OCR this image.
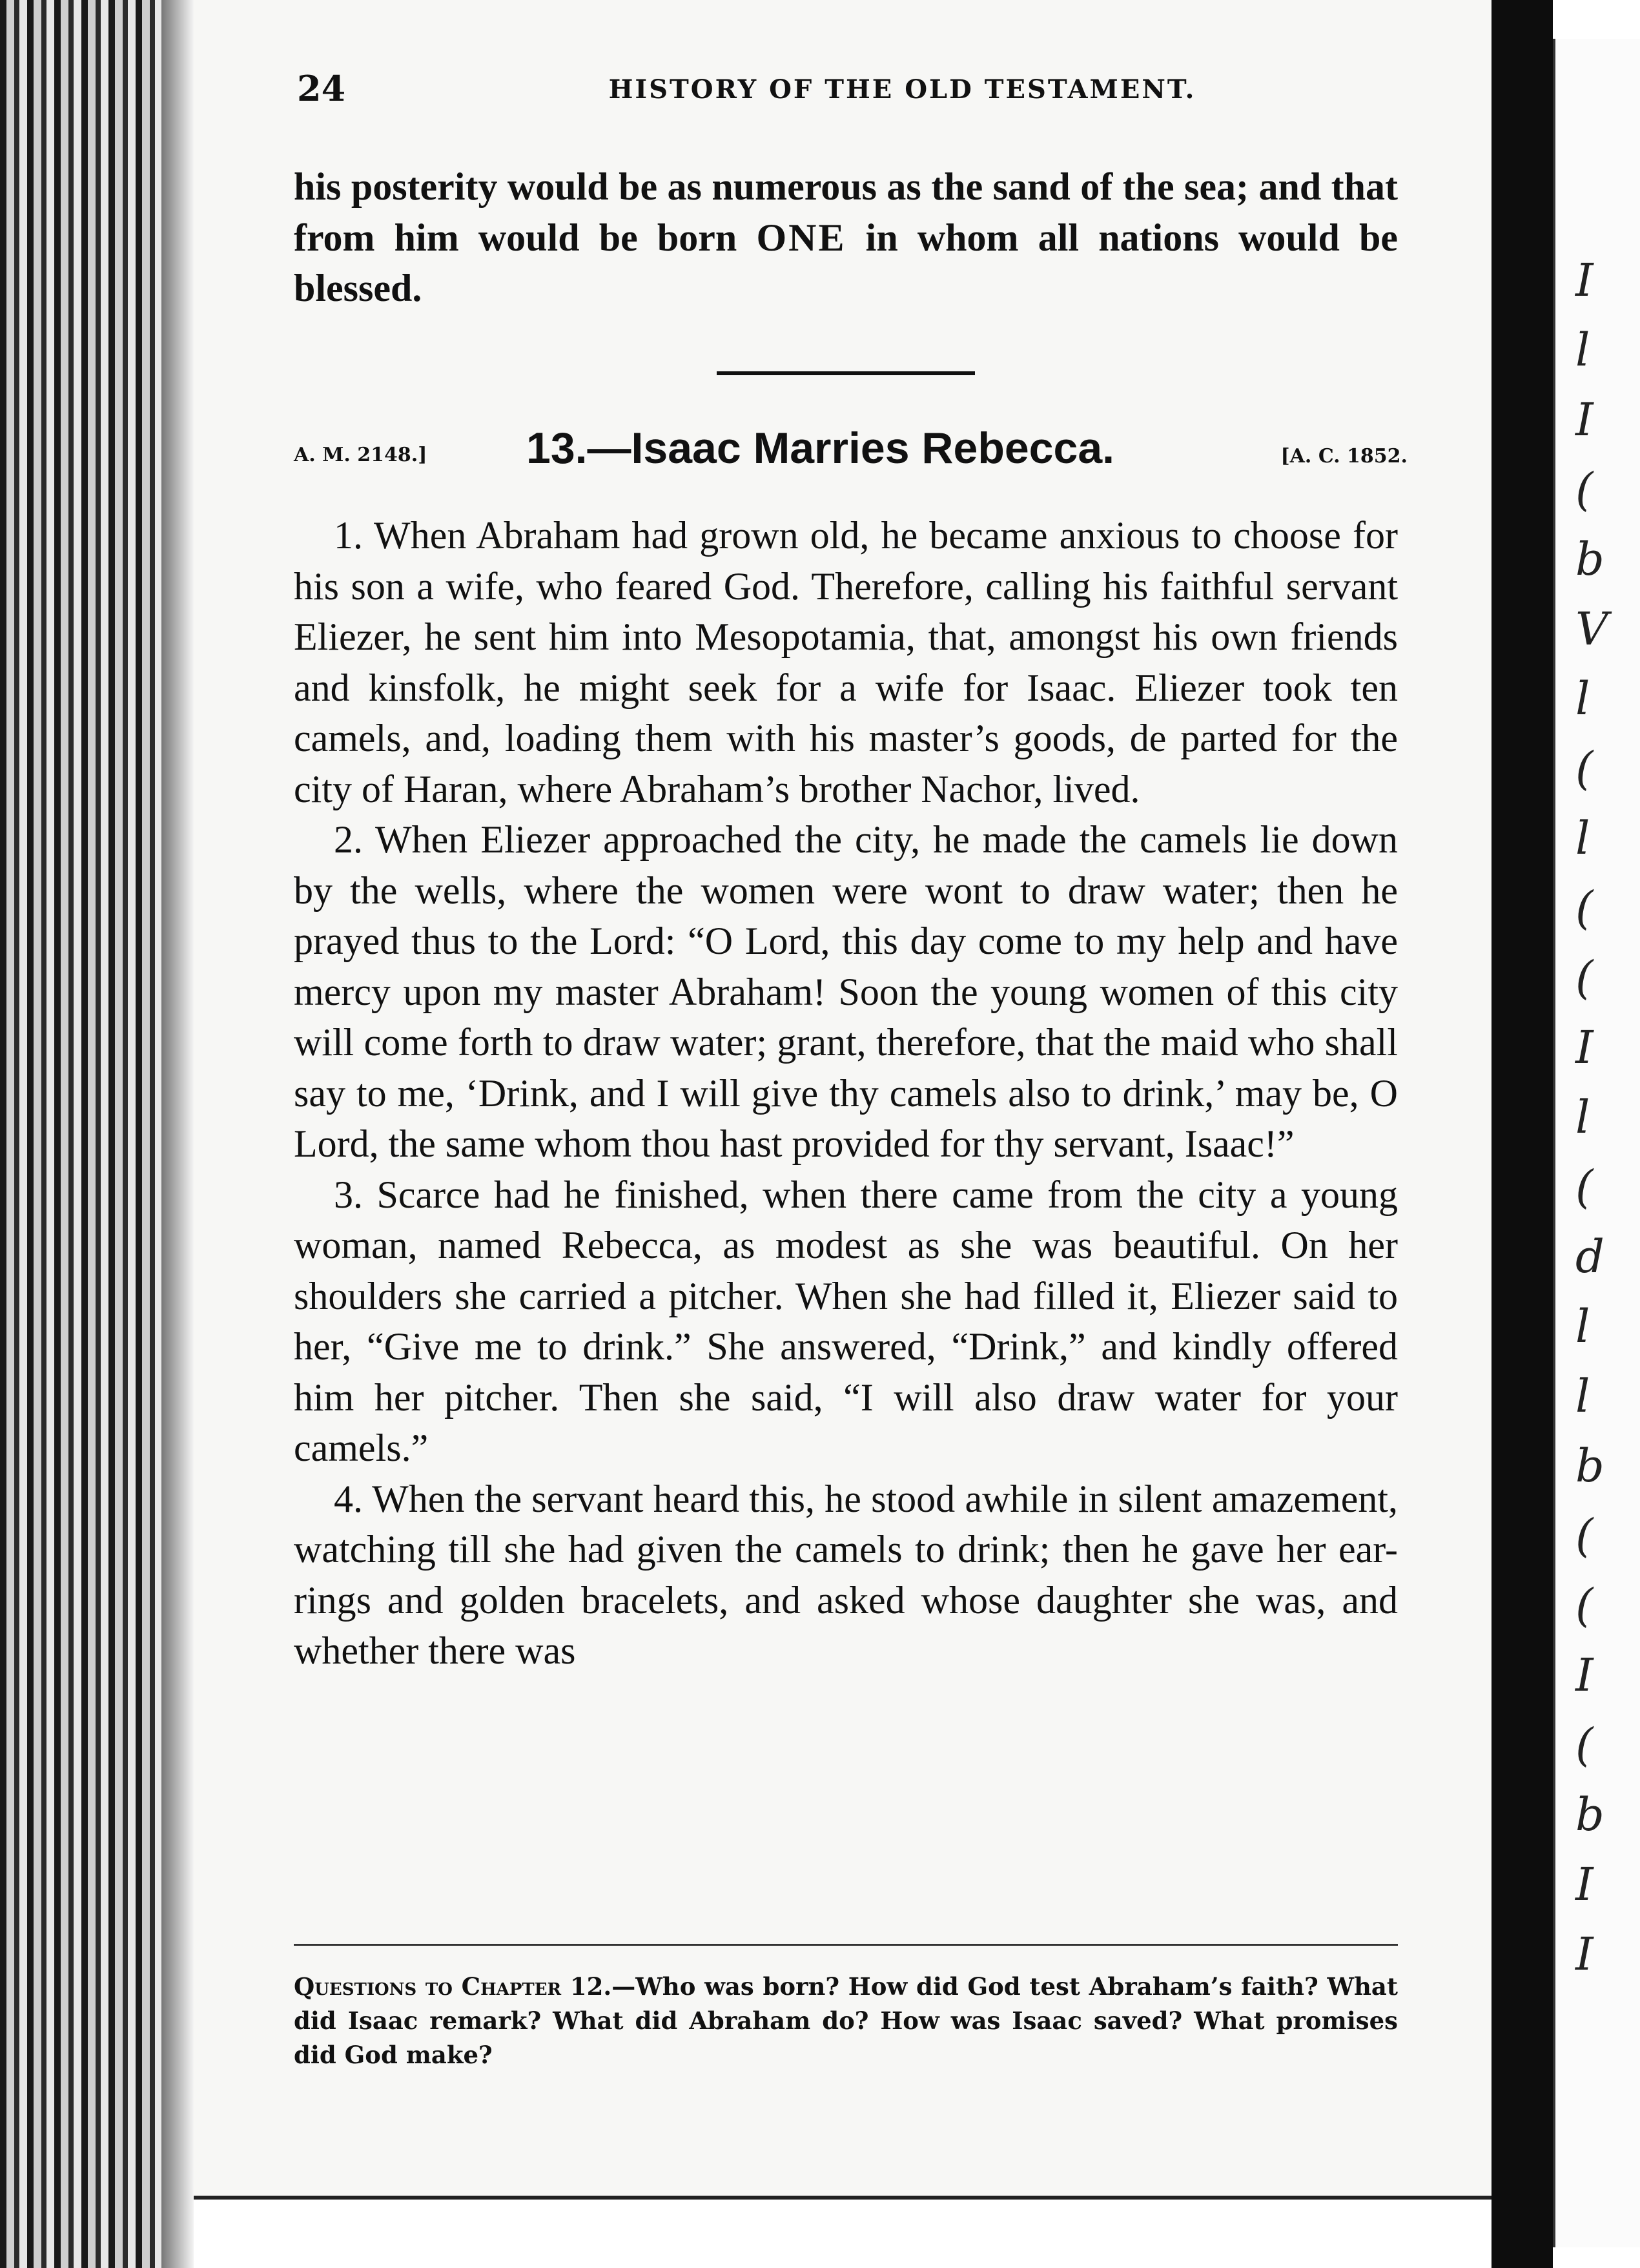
I
l
I
(
b
V
l
(
l
(
(
I
l
(
d
l
l
b
(
(
I
(
b
I
I
24	HISTORY OF THE OLD TESTAMENT.
his posterity would be as numerous as the sand of the sea; and that from him would be born ONE in whom all nations would be blessed.
A. M. 2148.] 13.—Isaac Marries Rebecca.	[A. C. 1852.

1. When Abraham had grown old, he became anxious to choose for his son a wife, who feared God. Therefore, calling his faithful servant Eliezer, he sent him into Mesopotamia, that, amongst his own friends and kinsfolk, he might seek for a wife for Isaac. Eliezer took ten camels, and, loading them with his master’s goods, de parted for the city of Haran, where Abraham’s brother Nachor, lived.

2. When Eliezer approached the city, he made the camels lie down by the wells, where the women were wont to draw water; then he prayed thus to the Lord: “O Lord, this day come to my help and have mercy upon my master Abraham! Soon the young women of this city will come forth to draw water; grant, therefore, that the maid who shall say to me, ‘Drink, and I will give thy camels also to drink,’ may be, O Lord, the same whom thou hast provided for thy servant, Isaac!”

3. Scarce had he finished, when there came from the city a young woman, named Rebecca, as modest as she was beautiful. On her shoulders she carried a pitcher. When she had filled it, Eliezer said to her, “Give me to drink.” She answered, “Drink,” and kindly offered him her pitcher. Then she said, “I will also draw water for your camels.”

4. When the servant heard this, he stood awhile in silent amazement, watching till she had given the camels to drink; then he gave her ear-rings and golden bracelets, and asked whose daughter she was, and whether there was

Questions to Chapter 12.—Who was born? How did God test Abraham’s faith? What did Isaac remark? What did Abraham do? How was Isaac saved? What promises did God make?
